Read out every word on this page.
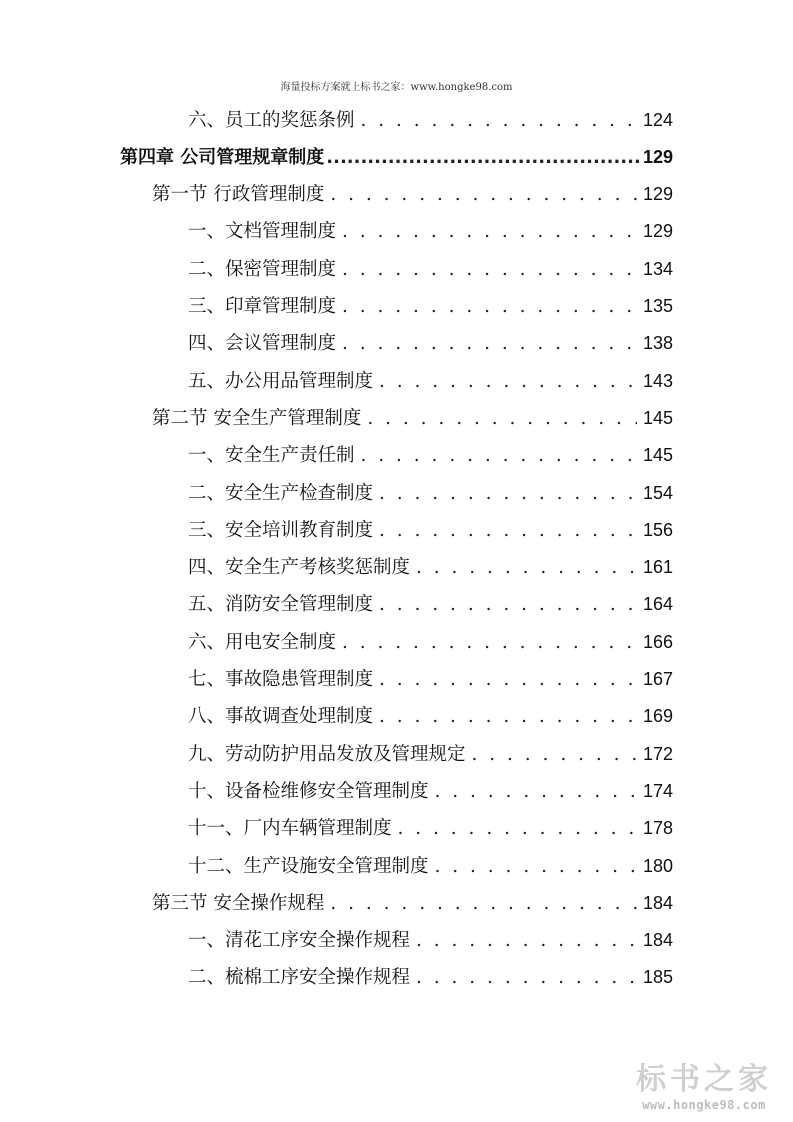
海量投标方案就上标书之家：www.hongke98.com
六、员工的奖惩条例 . . .	124
第四章 公司管理规章制度 .....	129
第一节 行政管理制度 . . .	129
一、文档管理制度 . . .	129
二、保密管理制度 . . .	134
三、印章管理制度 . . .	135
四、会议管理制度 . . .	138
五、办公用品管理制度 . . .	143
第二节 安全生产管理制度 . . .	145
一、安全生产责任制 . . .	145
二、安全生产检查制度 . . .	154
三、安全培训教育制度 . . .	156
四、安全生产考核奖惩制度 . . .	161
五、消防安全管理制度 . . .	164
六、用电安全制度 . . .	166
七、事故隐患管理制度 . . .	167
八、事故调查处理制度 . . .	169
九、劳动防护用品发放及管理规定 . . .	172
十、设备检维修安全管理制度 . . .	174
十一、厂内车辆管理制度 . . .	178
十二、生产设施安全管理制度 . . .	180
第三节 安全操作规程 . . .	184
一、清花工序安全操作规程 . . .	184
二、梳棉工序安全操作规程 . . .	185
标书之家
www.hongke98.com
